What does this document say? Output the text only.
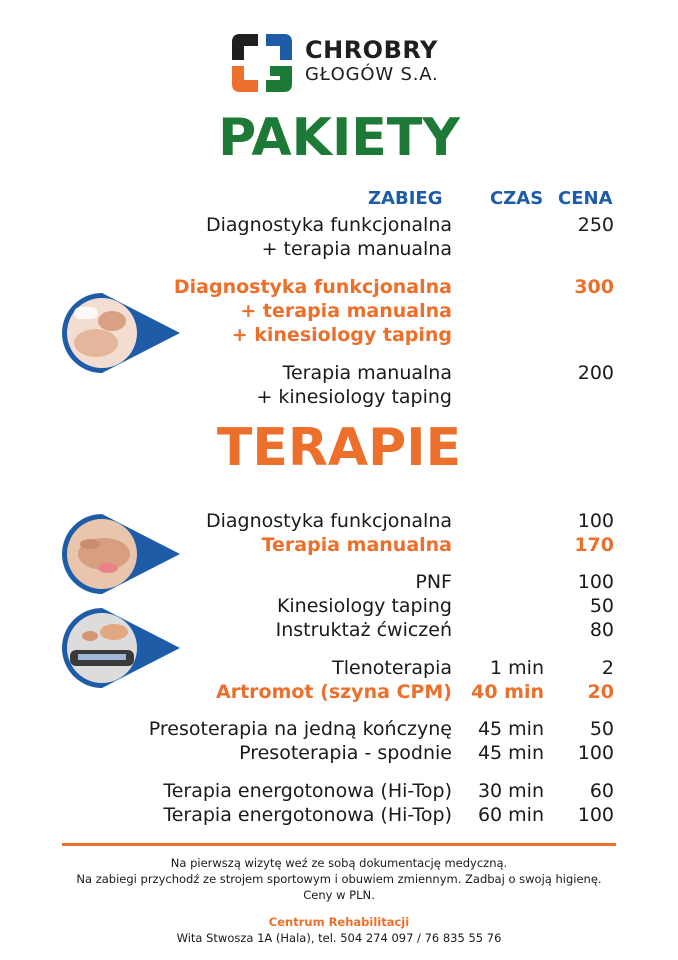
CHROBRY
GŁOGÓW S.A.
PAKIETY
ZABIEG	CZAS CENA
Diagnostyka funkcjonalna
+ terapia manualna
250
Diagnostyka funkcjonalna
+ terapia manualna
+ kinesiology taping
300
Terapia manualna
+ kinesiology taping
200
TERAPIE
Diagnostyka funkcjonalna	100
Terapia manualna	170
PNF	100
Kinesiology taping	50
Instruktaż ćwiczeń	80
Tlenoterapia 1 min	2
Artromot (szyna CPM) 40 min 20
Presoterapia na jedną kończynę 45 min 50
Presoterapia - spodnie 45 min 100
Terapia energotonowa (Hi-Top) 30 min 60
Terapia energotonowa (Hi-Top) 60 min 100
Na pierwszą wizytę weź ze sobą dokumentację medyczną.
Na zabiegi przychodź ze strojem sportowym i obuwiem zmiennym. Zadbaj o swoją higienę.
Ceny w PLN.
Centrum Rehabilitacji
Wita Stwosza 1A (Hala), tel. 504 274 097 / 76 835 55 76
